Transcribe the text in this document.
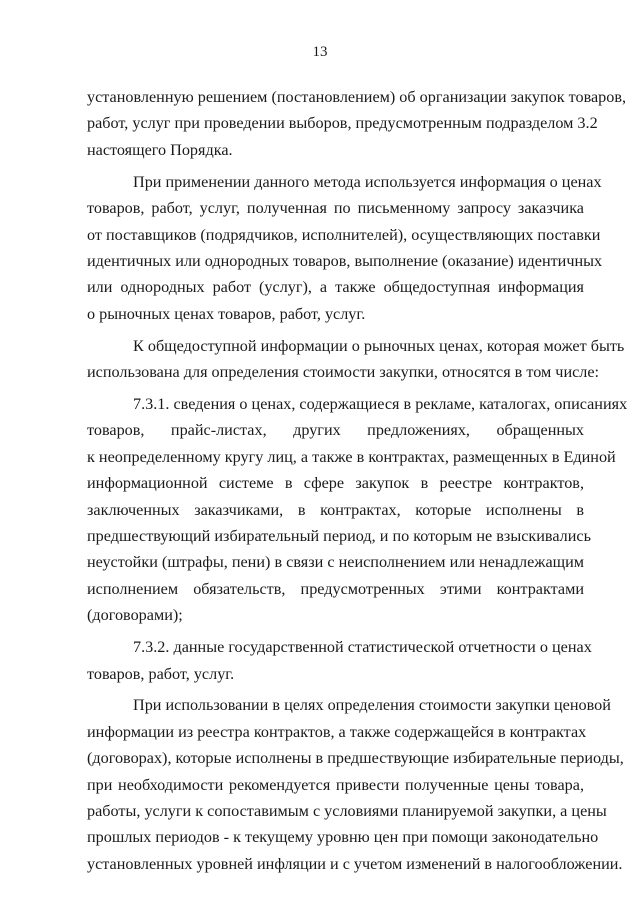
13
установленную решением (постановлением) об организации закупок товаров,
работ, услуг при проведении выборов, предусмотренным подразделом 3.2
настоящего Порядка.
При применении данного метода используется информация о ценах
товаров, работ, услуг, полученная по письменному запросу заказчика
от поставщиков (подрядчиков, исполнителей), осуществляющих поставки
идентичных или однородных товаров, выполнение (оказание) идентичных
или однородных работ (услуг), а также общедоступная информация
о рыночных ценах товаров, работ, услуг.
К общедоступной информации о рыночных ценах, которая может быть
использована для определения стоимости закупки, относятся в том числе:
7.3.1. сведения о ценах, содержащиеся в рекламе, каталогах, описаниях
товаров, прайс-листах, других предложениях, обращенных
к неопределенному кругу лиц, а также в контрактах, размещенных в Единой
информационной системе в сфере закупок в реестре контрактов,
заключенных заказчиками, в контрактах, которые исполнены в
предшествующий избирательный период, и по которым не взыскивались
неустойки (штрафы, пени) в связи с неисполнением или ненадлежащим
исполнением обязательств, предусмотренных этими контрактами
(договорами);
7.3.2. данные государственной статистической отчетности о ценах
товаров, работ, услуг.
При использовании в целях определения стоимости закупки ценовой
информации из реестра контрактов, а также содержащейся в контрактах
(договорах), которые исполнены в предшествующие избирательные периоды,
при необходимости рекомендуется привести полученные цены товара,
работы, услуги к сопоставимым с условиями планируемой закупки, а цены
прошлых периодов - к текущему уровню цен при помощи законодательно
установленных уровней инфляции и с учетом изменений в налогообложении.
